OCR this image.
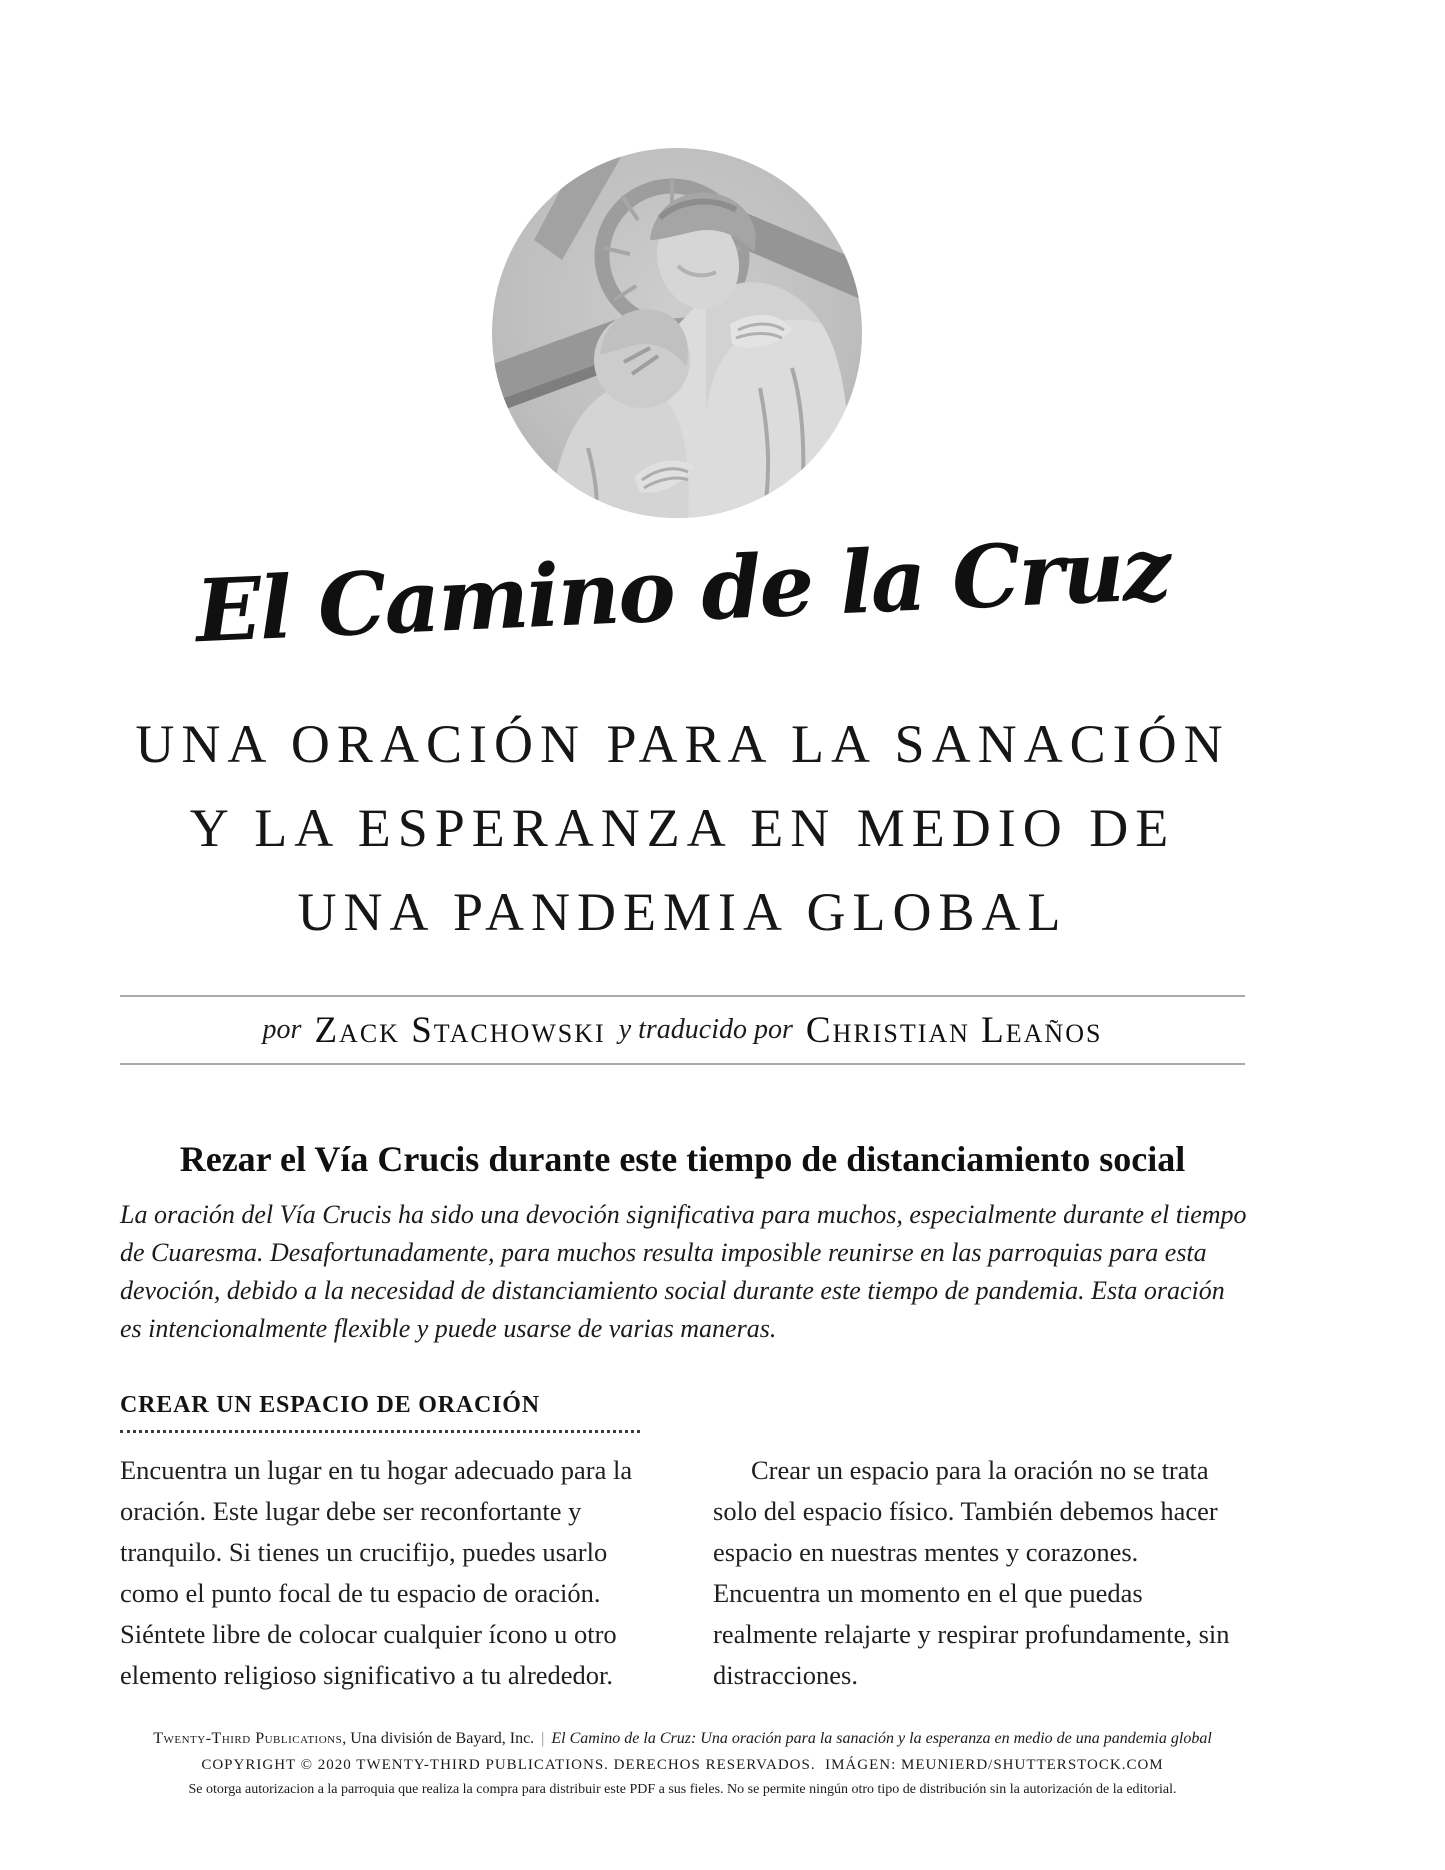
El Camino de la Cruz
UNA ORACIÓN PARA LA SANACIÓN
Y LA ESPERANZA EN MEDIO DE
UNA PANDEMIA GLOBAL
por Zack Stachowski y traducido por Christian Leaños
Rezar el Vía Crucis durante este tiempo de distanciamiento social

La oración del Vía Crucis ha sido una devoción significativa para muchos, especialmente durante el tiempo de Cuaresma. Desafortunadamente, para muchos resulta imposible reunirse en las parroquias para esta devoción, debido a la necesidad de distanciamiento social durante este tiempo de pandemia. Esta oración es intencionalmente flexible y puede usarse de varias maneras.

CREAR UN ESPACIO DE ORACIÓN

Encuentra un lugar en tu hogar adecuado para la oración. Este lugar debe ser reconfortante y tranquilo. Si tienes un crucifijo, puedes usarlo como el punto focal de tu espacio de oración. Siéntete libre de colocar cualquier ícono u otro elemento religioso significativo a tu alrededor.

Crear un espacio para la oración no se trata solo del espacio físico. También debemos hacer espacio en nuestras mentes y corazones. Encuentra un momento en el que puedas realmente relajarte y respirar profundamente, sin distracciones.

Twenty-Third Publications, Una división de Bayard, Inc. | El Camino de la Cruz: Una oración para la sanación y la esperanza en medio de una pandemia global
COPYRIGHT © 2020 TWENTY-THIRD PUBLICATIONS. DERECHOS RESERVADOS.  IMÁGEN: MEUNIERD/SHUTTERSTOCK.COM
Se otorga autorizacion a la parroquia que realiza la compra para distribuir este PDF a sus fieles. No se permite ningún otro tipo de distribución sin la autorización de la editorial.
